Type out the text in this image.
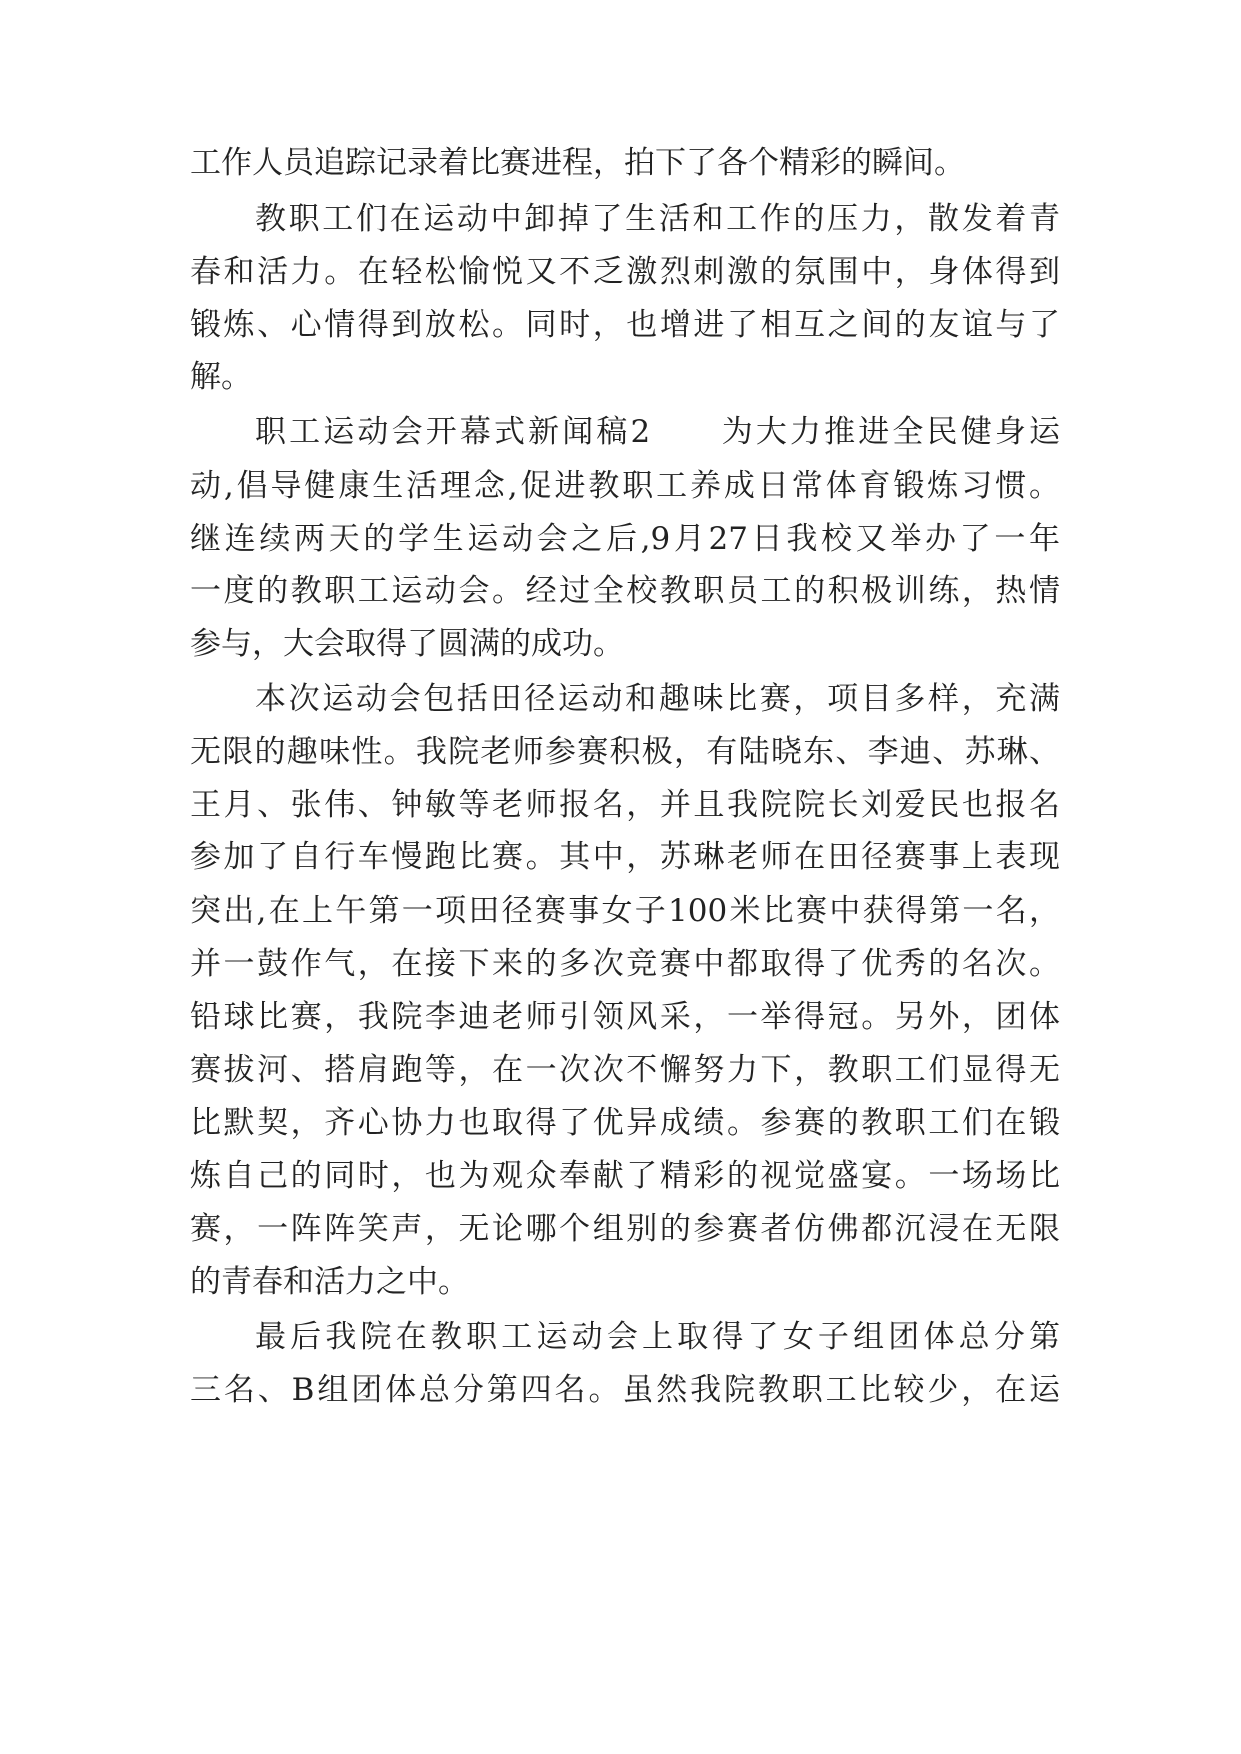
工作人员追踪记录着比赛进程，拍下了各个精彩的瞬间。

教职工们在运动中卸掉了生活和工作的压力，散发着青

春和活力。在轻松愉悦又不乏激烈刺激的氛围中，身体得到

锻炼、心情得到放松。同时，也增进了相互之间的友谊与了

解。

职工运动会开幕式新闻稿2　　为大力推进全民健身运

动,倡导健康生活理念,促进教职工养成日常体育锻炼习惯。

继连续两天的学生运动会之后,9月27日我校又举办了一年

一度的教职工运动会。经过全校教职员工的积极训练，热情

参与，大会取得了圆满的成功。

本次运动会包括田径运动和趣味比赛，项目多样，充满

无限的趣味性。我院老师参赛积极，有陆晓东、李迪、苏琳、

王月、张伟、钟敏等老师报名，并且我院院长刘爱民也报名

参加了自行车慢跑比赛。其中，苏琳老师在田径赛事上表现

突出,在上午第一项田径赛事女子100米比赛中获得第一名，

并一鼓作气，在接下来的多次竞赛中都取得了优秀的名次。

铅球比赛，我院李迪老师引领风采，一举得冠。另外，团体

赛拔河、搭肩跑等，在一次次不懈努力下，教职工们显得无

比默契，齐心协力也取得了优异成绩。参赛的教职工们在锻

炼自己的同时，也为观众奉献了精彩的视觉盛宴。一场场比

赛，一阵阵笑声，无论哪个组别的参赛者仿佛都沉浸在无限

的青春和活力之中。

最后我院在教职工运动会上取得了女子组团体总分第

三名、B组团体总分第四名。虽然我院教职工比较少，在运
